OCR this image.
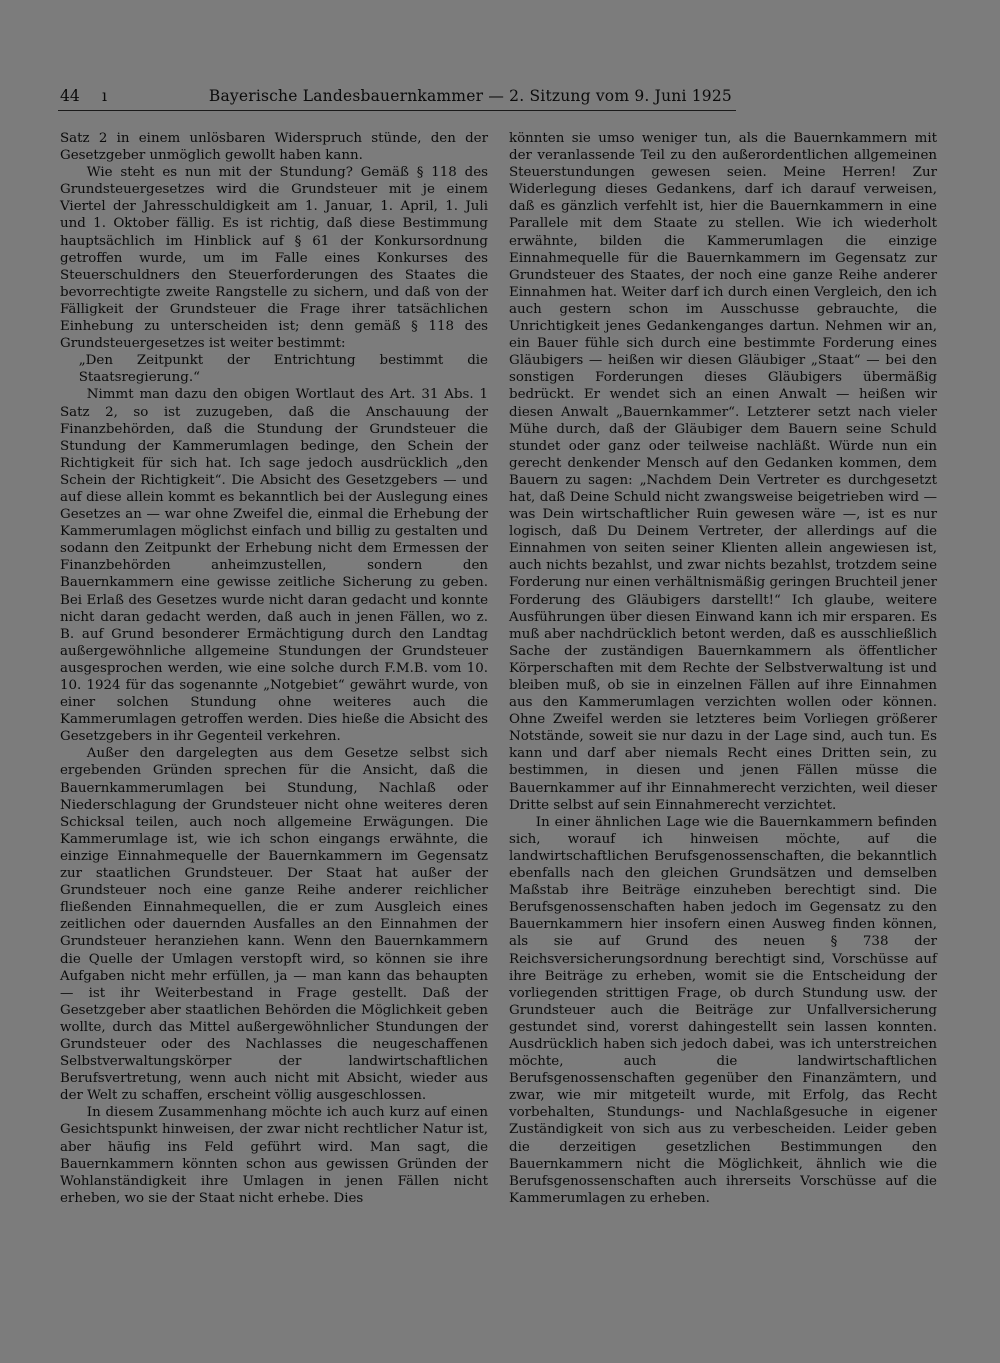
44 ı	Bayerische Landesbauernkammer — 2. Sitzung vom 9. Juni 1925

Satz 2 in einem unlösbaren Widerspruch stünde, den der Gesetzgeber unmöglich gewollt haben kann.

Wie steht es nun mit der Stundung? Gemäß § 118 des Grundsteuergesetzes wird die Grundsteuer mit je einem Viertel der Jahresschuldigkeit am 1. Januar, 1. April, 1. Juli und 1. Oktober fällig. Es ist richtig, daß diese Bestimmung hauptsächlich im Hinblick auf § 61 der Konkursordnung getroffen wurde, um im Falle eines Konkurses des Steuerschuldners den Steuerforderungen des Staates die bevorrechtigte zweite Rangstelle zu sichern, und daß von der Fälligkeit der Grundsteuer die Frage ihrer tatsächlichen Einhebung zu unterscheiden ist; denn gemäß § 118 des Grundsteuergesetzes ist weiter bestimmt:

„Den Zeitpunkt der Entrichtung bestimmt die Staatsregierung.“

Nimmt man dazu den obigen Wortlaut des Art. 31 Abs. 1 Satz 2, so ist zuzugeben, daß die Anschauung der Finanzbehörden, daß die Stundung der Grundsteuer die Stundung der Kammerumlagen bedinge, den Schein der Richtigkeit für sich hat. Ich sage jedoch ausdrücklich „den Schein der Richtigkeit“. Die Absicht des Gesetzgebers — und auf diese allein kommt es bekanntlich bei der Auslegung eines Gesetzes an — war ohne Zweifel die, einmal die Erhebung der Kammerumlagen möglichst einfach und billig zu gestalten und sodann den Zeitpunkt der Erhebung nicht dem Ermessen der Finanzbehörden anheimzustellen, sondern den Bauernkammern eine gewisse zeitliche Sicherung zu geben. Bei Erlaß des Gesetzes wurde nicht daran gedacht und konnte nicht daran gedacht werden, daß auch in jenen Fällen, wo z. B. auf Grund besonderer Ermächtigung durch den Landtag außergewöhnliche allgemeine Stundungen der Grundsteuer ausgesprochen werden, wie eine solche durch F.M.B. vom 10. 10. 1924 für das sogenannte „Notgebiet“ gewährt wurde, von einer solchen Stundung ohne weiteres auch die Kammerumlagen getroffen werden. Dies hieße die Absicht des Gesetzgebers in ihr Gegenteil verkehren.

Außer den dargelegten aus dem Gesetze selbst sich ergebenden Gründen sprechen für die Ansicht, daß die Bauernkammerumlagen bei Stundung, Nachlaß oder Niederschlagung der Grundsteuer nicht ohne weiteres deren Schicksal teilen, auch noch allgemeine Erwägungen. Die Kammerumlage ist, wie ich schon eingangs erwähnte, die einzige Einnahmequelle der Bauernkammern im Gegensatz zur staatlichen Grundsteuer. Der Staat hat außer der Grundsteuer noch eine ganze Reihe anderer reichlicher fließenden Einnahmequellen, die er zum Ausgleich eines zeitlichen oder dauernden Ausfalles an den Einnahmen der Grundsteuer heranziehen kann. Wenn den Bauernkammern die Quelle der Umlagen verstopft wird, so können sie ihre Aufgaben nicht mehr erfüllen, ja — man kann das behaupten — ist ihr Weiterbestand in Frage gestellt. Daß der Gesetzgeber aber staatlichen Behörden die Möglichkeit geben wollte, durch das Mittel außergewöhnlicher Stundungen der Grundsteuer oder des Nachlasses die neugeschaffenen Selbstverwaltungskörper der landwirtschaftlichen Berufsvertretung, wenn auch nicht mit Absicht, wieder aus der Welt zu schaffen, erscheint völlig ausgeschlossen.

In diesem Zusammenhang möchte ich auch kurz auf einen Gesichtspunkt hinweisen, der zwar nicht rechtlicher Natur ist, aber häufig ins Feld geführt wird. Man sagt, die Bauernkammern könnten schon aus gewissen Gründen der Wohlanständigkeit ihre Umlagen in jenen Fällen nicht erheben, wo sie der Staat nicht erhebe. Dies

könnten sie umso weniger tun, als die Bauernkammern mit der veranlassende Teil zu den außerordentlichen allgemeinen Steuerstundungen gewesen seien. Meine Herren! Zur Widerlegung dieses Gedankens, darf ich darauf verweisen, daß es gänzlich verfehlt ist, hier die Bauernkammern in eine Parallele mit dem Staate zu stellen. Wie ich wiederholt erwähnte, bilden die Kammerumlagen die einzige Einnahmequelle für die Bauernkammern im Gegensatz zur Grundsteuer des Staates, der noch eine ganze Reihe anderer Einnahmen hat. Weiter darf ich durch einen Vergleich, den ich auch gestern schon im Ausschusse gebrauchte, die Unrichtigkeit jenes Gedankenganges dartun. Nehmen wir an, ein Bauer fühle sich durch eine bestimmte Forderung eines Gläubigers — heißen wir diesen Gläubiger „Staat“ — bei den sonstigen Forderungen dieses Gläubigers übermäßig bedrückt. Er wendet sich an einen Anwalt — heißen wir diesen Anwalt „Bauernkammer“. Letzterer setzt nach vieler Mühe durch, daß der Gläubiger dem Bauern seine Schuld stundet oder ganz oder teilweise nachläßt. Würde nun ein gerecht denkender Mensch auf den Gedanken kommen, dem Bauern zu sagen: „Nachdem Dein Vertreter es durchgesetzt hat, daß Deine Schuld nicht zwangsweise beigetrieben wird — was Dein wirtschaftlicher Ruin gewesen wäre —, ist es nur logisch, daß Du Deinem Vertreter, der allerdings auf die Einnahmen von seiten seiner Klienten allein angewiesen ist, auch nichts bezahlst, und zwar nichts bezahlst, trotzdem seine Forderung nur einen verhältnismäßig geringen Bruchteil jener Forderung des Gläubigers darstellt!“ Ich glaube, weitere Ausführungen über diesen Einwand kann ich mir ersparen. Es muß aber nachdrücklich betont werden, daß es ausschließlich Sache der zuständigen Bauernkammern als öffentlicher Körperschaften mit dem Rechte der Selbstverwaltung ist und bleiben muß, ob sie in einzelnen Fällen auf ihre Einnahmen aus den Kammerumlagen verzichten wollen oder können. Ohne Zweifel werden sie letzteres beim Vorliegen größerer Notstände, soweit sie nur dazu in der Lage sind, auch tun. Es kann und darf aber niemals Recht eines Dritten sein, zu bestimmen, in diesen und jenen Fällen müsse die Bauernkammer auf ihr Einnahmerecht verzichten, weil dieser Dritte selbst auf sein Einnahmerecht verzichtet.

In einer ähnlichen Lage wie die Bauernkammern befinden sich, worauf ich hinweisen möchte, auf die landwirtschaftlichen Berufsgenossenschaften, die bekanntlich ebenfalls nach den gleichen Grundsätzen und demselben Maßstab ihre Beiträge einzuheben berechtigt sind. Die Berufsgenossenschaften haben jedoch im Gegensatz zu den Bauernkammern hier insofern einen Ausweg finden können, als sie auf Grund des neuen § 738 der Reichsversicherungsordnung berechtigt sind, Vorschüsse auf ihre Beiträge zu erheben, womit sie die Entscheidung der vorliegenden strittigen Frage, ob durch Stundung usw. der Grundsteuer auch die Beiträge zur Unfallversicherung gestundet sind, vorerst dahingestellt sein lassen konnten. Ausdrücklich haben sich jedoch dabei, was ich unterstreichen möchte, auch die landwirtschaftlichen Berufsgenossenschaften gegenüber den Finanzämtern, und zwar, wie mir mitgeteilt wurde, mit Erfolg, das Recht vorbehalten, Stundungs- und Nachlaßgesuche in eigener Zuständigkeit von sich aus zu verbescheiden. Leider geben die derzeitigen gesetzlichen Bestimmungen den Bauernkammern nicht die Möglichkeit, ähnlich wie die Berufsgenossenschaften auch ihrerseits Vorschüsse auf die Kammerumlagen zu erheben.
